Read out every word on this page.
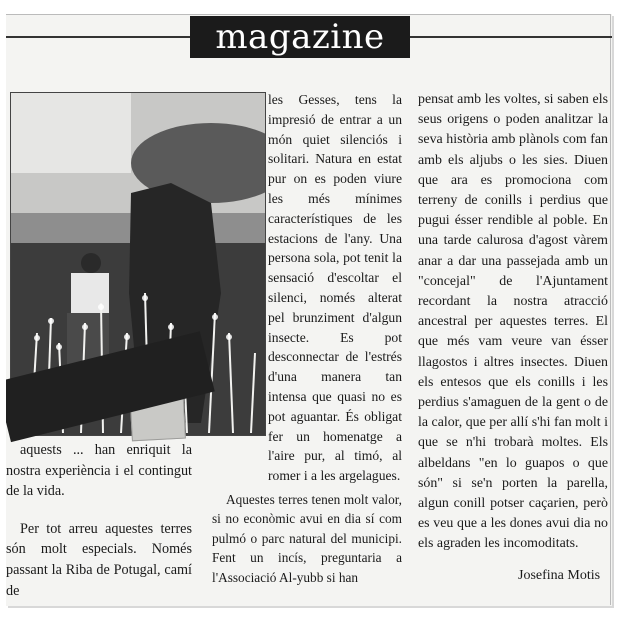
magazine

aquests ... han enriquit la nostra experiència i el contingut de la vida.

Per tot arreu aquestes terres són molt especials. Només passant la Riba de Potugal, camí de

les Gesses, tens la impresió de entrar a un món quiet silenciós i solitari. Natura en estat pur on es poden viure les més mínimes característiques de les estacions de l'any. Una persona sola, pot tenit la sensació d'escoltar el silenci, només alterat pel brunziment d'algun insecte. Es pot desconnectar de l'estrés d'una manera tan intensa que quasi no es pot aguantar. És obligat fer un homenatge a l'aire pur, al timó, al romer i a les argelagues.

Aquestes terres tenen molt valor, si no econòmic avui en dia sí com pulmó o parc natural del municipi. Fent un incís, preguntaria a l'Associació Al-yubb si han

pensat amb les voltes, si saben els seus origens o poden analitzar la seva història amb plànols com fan amb els aljubs o les sies. Diuen que ara es promociona com terreny de conills i perdius que pugui ésser rendible al poble. En una tarde calurosa d'agost vàrem anar a dar una passejada amb un "concejal" de l'Ajuntament recordant la nostra atracció ancestral per aquestes terres. El que més vam veure van ésser llagostos i altres insectes. Diuen els entesos que els conills i les perdius s'amaguen de la gent o de la calor, que per allí s'hi fan molt i que se n'hi trobarà moltes. Els albeldans "en lo guapos o que són" si se'n porten la parella, algun conill potser caçarien, però es veu que a les dones avui dia no els agraden les incomoditats.

Josefina Motis
